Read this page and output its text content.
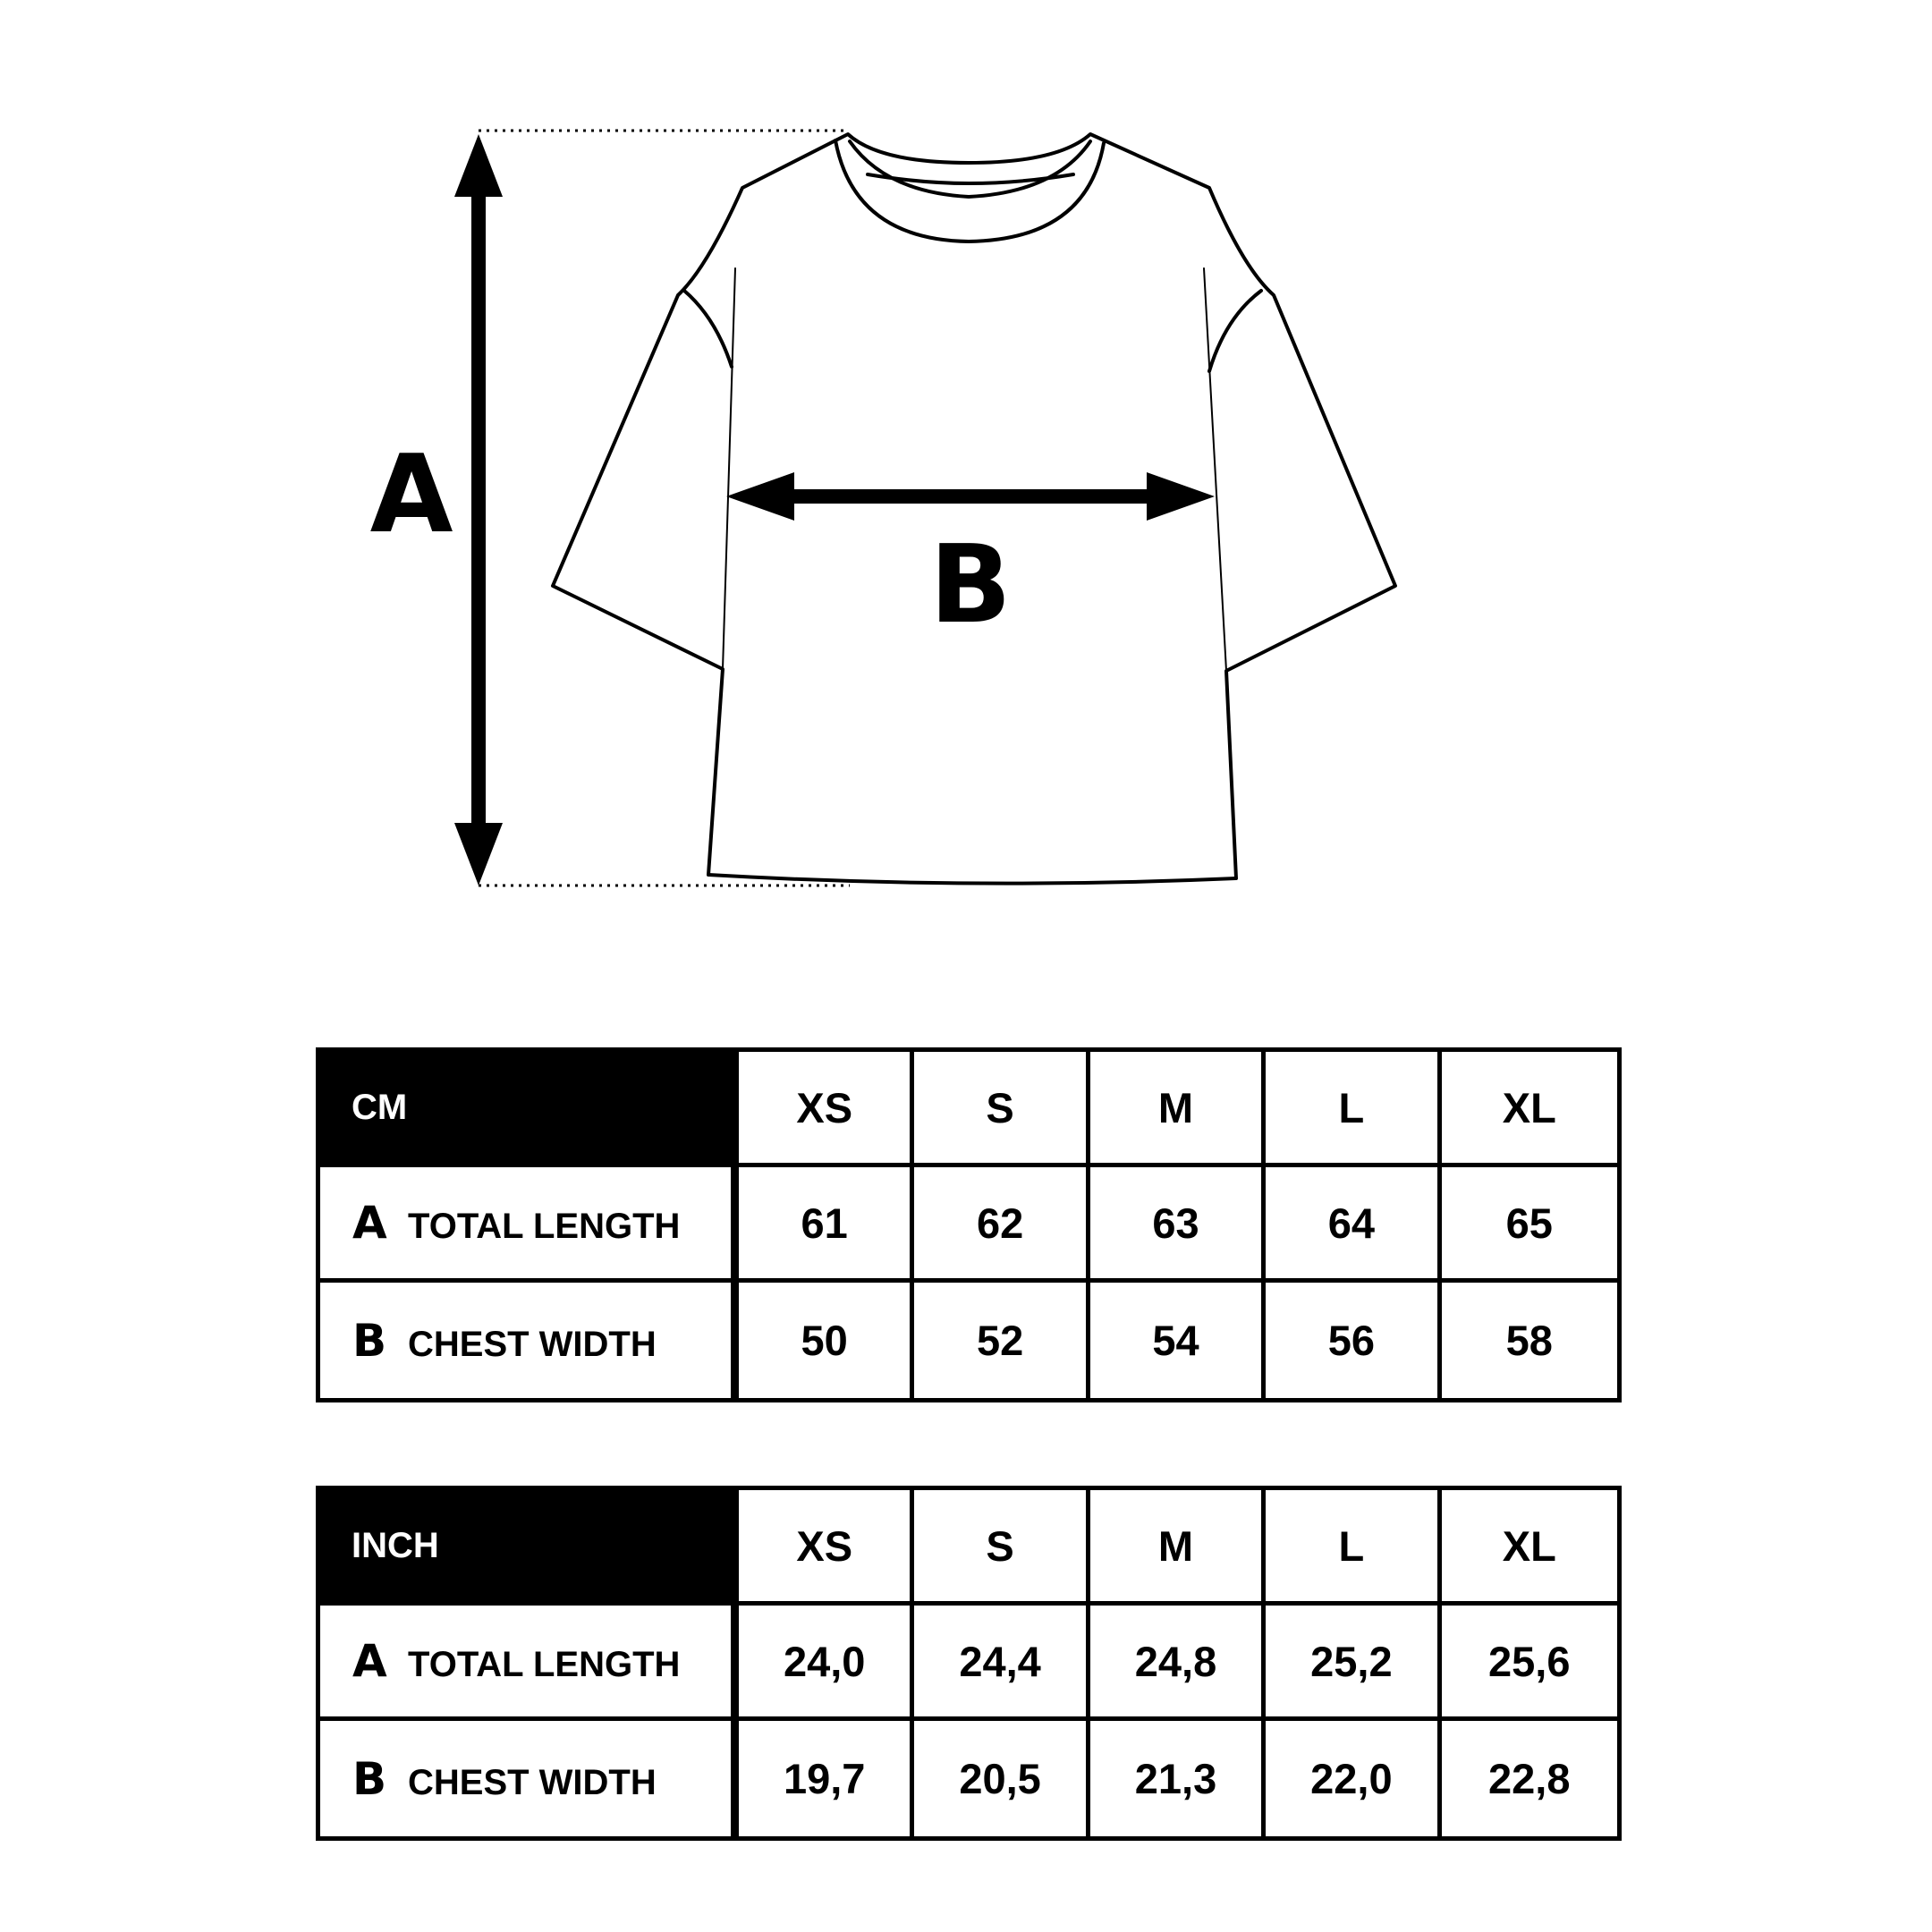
A
B
CM	XS	S	M	L	XL
A TOTAL LENGTH	61	62	63	64	65
B CHEST WIDTH	50	52	54	56	58
INCH	XS	S	M	L	XL
A TOTAL LENGTH	24,0	24,4	24,8	25,2	25,6
B CHEST WIDTH	19,7	20,5	21,3	22,0	22,8
